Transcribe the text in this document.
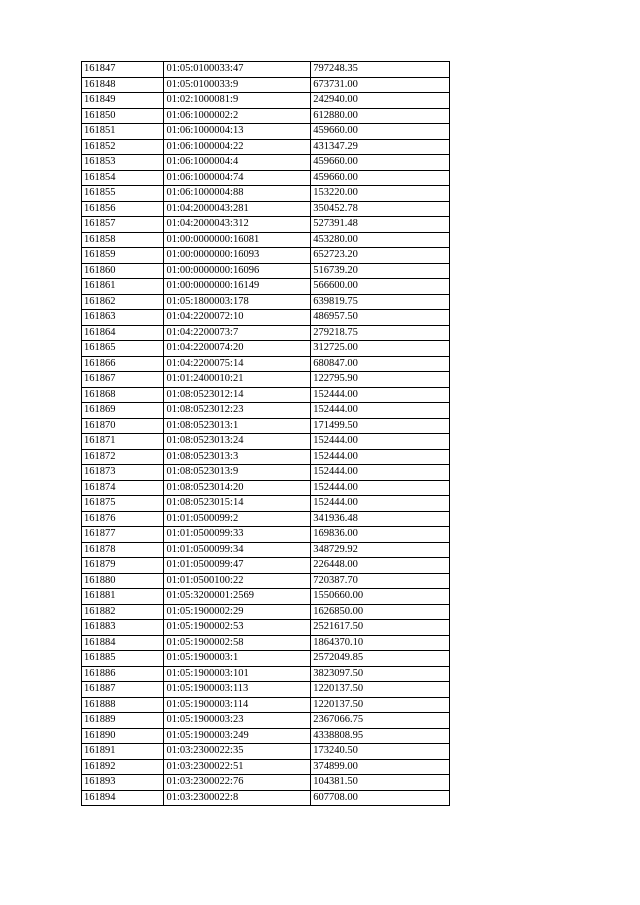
161847	01:05:0100033:47	797248.35
161848	01:05:0100033:9	673731.00
161849	01:02:1000081:9	242940.00
161850	01:06:1000002:2	612880.00
161851	01:06:1000004:13	459660.00
161852	01:06:1000004:22	431347.29
161853	01:06:1000004:4	459660.00
161854	01:06:1000004:74	459660.00
161855	01:06:1000004:88	153220.00
161856	01:04:2000043:281	350452.78
161857	01:04:2000043:312	527391.48
161858	01:00:0000000:16081	453280.00
161859	01:00:0000000:16093	652723.20
161860	01:00:0000000:16096	516739.20
161861	01:00:0000000:16149	566600.00
161862	01:05:1800003:178	639819.75
161863	01:04:2200072:10	486957.50
161864	01:04:2200073:7	279218.75
161865	01:04:2200074:20	312725.00
161866	01:04:2200075:14	680847.00
161867	01:01:2400010:21	122795.90
161868	01:08:0523012:14	152444.00
161869	01:08:0523012:23	152444.00
161870	01:08:0523013:1	171499.50
161871	01:08:0523013:24	152444.00
161872	01:08:0523013:3	152444.00
161873	01:08:0523013:9	152444.00
161874	01:08:0523014:20	152444.00
161875	01:08:0523015:14	152444.00
161876	01:01:0500099:2	341936.48
161877	01:01:0500099:33	169836.00
161878	01:01:0500099:34	348729.92
161879	01:01:0500099:47	226448.00
161880	01:01:0500100:22	720387.70
161881	01:05:3200001:2569	1550660.00
161882	01:05:1900002:29	1626850.00
161883	01:05:1900002:53	2521617.50
161884	01:05:1900002:58	1864370.10
161885	01:05:1900003:1	2572049.85
161886	01:05:1900003:101	3823097.50
161887	01:05:1900003:113	1220137.50
161888	01:05:1900003:114	1220137.50
161889	01:05:1900003:23	2367066.75
161890	01:05:1900003:249	4338808.95
161891	01:03:2300022:35	173240.50
161892	01:03:2300022:51	374899.00
161893	01:03:2300022:76	104381.50
161894	01:03:2300022:8	607708.00
